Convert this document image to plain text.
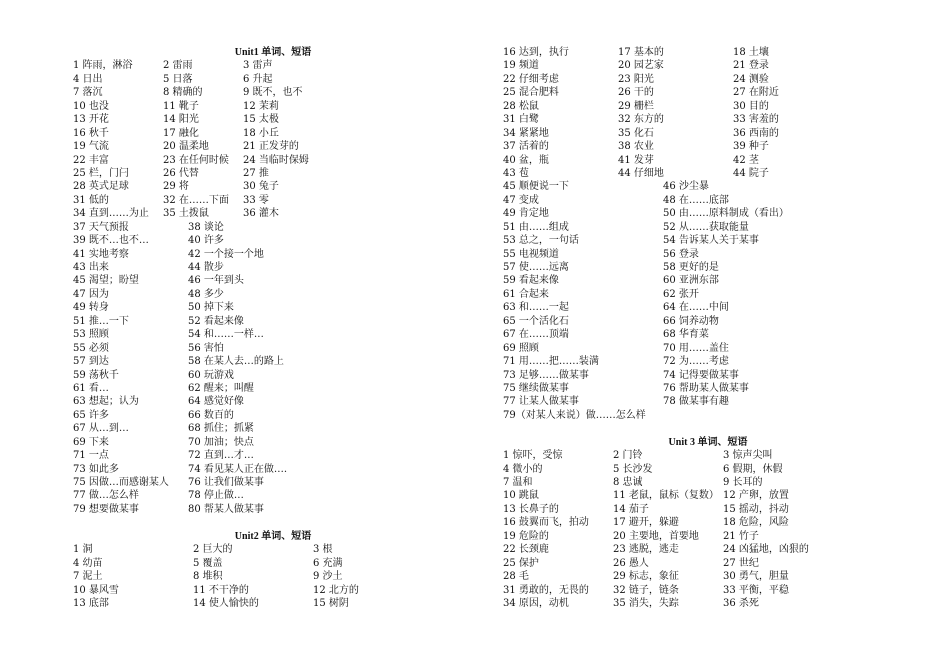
Unit1 单词、短语
1 阵雨，淋浴	2 雷雨	3 雷声
4 日出	5 日落	6 升起
7 落沉	8 精确的	9 既不，也不
10 也没	11 靴子	12 茉莉
13 开花	14 阳光	15 太极
16 秋千	17 融化	18 小丘
19 气流	20 温柔地	21 正发芽的
22 丰富	23 在任何时候 24 当临时保姆
25 栏，门闩	26 代替	27 推
28 英式足球	29 将	30 兔子
31 低的	32 在……下面 33 零
34 直到……为止 35 土拨鼠	36 灌木
37 天气预报	38 谈论
39 既不…也不…	40 许多
41 实地考察	42 一个接一个地
43 出来	44 散步
45 渴望；盼望	46 一年到头
47 因为	48 多少
49 转身	50 掉下来
51 推…一下	52 看起来像
53 照顾	54 和……一样…
55 必须	56 害怕
57 到达	58 在某人去…的路上
59 荡秋千	60 玩游戏
61 看…	62 醒来；叫醒
63 想起；认为	64 感觉好像
65 许多	66 数百的
67 从…到…	68 抓住；抓紧
69 下来	70 加油；快点
71 一点	72 直到…才…
73 如此多	74 看见某人正在做….
75 因做…而感谢某人 76 让我们做某事
77 做…怎么样	78 停止做…
79 想要做某事	80 帮某人做某事
Unit2 单词、短语
1 洞	2 巨大的	3 根
4 幼苗	5 覆盖	6 充满
7 泥土	8 堆积	9 沙土
10 暴风雪	11 不干净的	12 北方的
13 底部	14 使人愉快的	15 树阴
16 达到，执行	17 基本的	18 土壤
19 频道	20 园艺家	21 登录
22 仔细考虑	23 阳光	24 测验
25 混合肥料	26 干的	27 在附近
28 松鼠	29 栅栏	30 目的
31 白鹭	32 东方的	33 害羞的
34 紧紧地	35 化石	36 西南的
37 活着的	38 农业	39 种子
40 盆，瓶	41 发芽	42 茎
43 苞	44 仔细地	44 院子
45 顺便说一下	46 沙尘暴
47 变成	48 在……底部
49 肯定地	50 由……原料制成（看出）
51 由……组成	52 从……获取能量
53 总之，一句话	54 告诉某人关于某事
55 电视频道	56 登录
57 使……远离	58 更好的是
59 看起来像	60 亚洲东部
61 合起来	62 张开
63 和……一起	64 在……中间
65 一个活化石	66 饲养动物
67 在……顶端	68 华育菜
69 照顾	70 用……盖住
71 用……把……装满	72 为……考虑
73 足够……做某事	74 记得要做某事
75 继续做某事	76 帮助某人做某事
77 让某人做某事	78 做某事有趣
79（对某人来说）做……怎么样
Unit 3 单词、短语
1 惊吓，受惊	2 门铃	3 惊声尖叫
4 微小的	5 长沙发	6 假期，休假
7 温和	8 忠诚	9 长耳的
10 跳鼠	11 老鼠，鼠标（复数） 12 产卵，放置
13 长鼻子的	14 茄子	15 摇动，抖动
16 鼓翼而飞，拍动 17 避开，躲避	18 危险，风险
19 危险的	20 主要地，首要地 21 竹子
22 长颈鹿	23 逃脱，逃走	24 凶猛地，凶狠的
25 保护	26 愚人	27 世纪
28 毛	29 标志，象征	30 勇气，胆量
31 勇敢的，无畏的 32 链子，链条	33 平衡，平稳
34 原因，动机	35 消失，失踪	36 杀死
